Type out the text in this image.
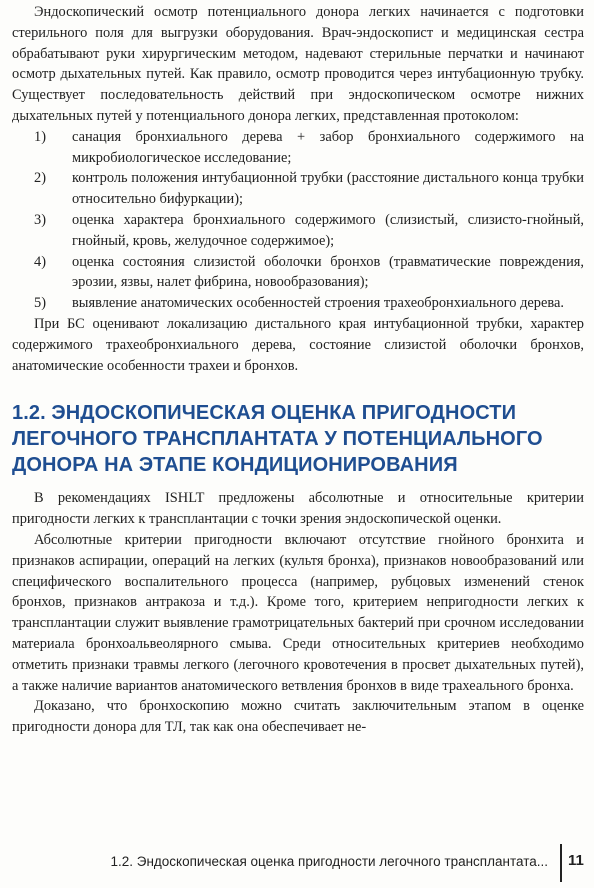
Эндоскопический осмотр потенциального донора легких начинается с подготовки стерильного поля для выгрузки оборудования. Врач-эндоскопист и медицинская сестра обрабатывают руки хирургическим методом, надевают стерильные перчатки и начинают осмотр дыхательных путей. Как правило, осмотр проводится через интубационную трубку. Существует последовательность действий при эндоскопическом осмотре нижних дыхательных путей у потенциального донора легких, представленная протоколом:

1)	санация бронхиального дерева + забор бронхиального содержимого на микробиологическое исследование;
2)	контроль положения интубационной трубки (расстояние дистального конца трубки относительно бифуркации);
3)	оценка характера бронхиального содержимого (слизистый, слизисто-гнойный, гнойный, кровь, желудочное содержимое);
4)	оценка состояния слизистой оболочки бронхов (травматические повреждения, эрозии, язвы, налет фибрина, новообразования);
5)	выявление анатомических особенностей строения трахеобронхиального дерева.

При БС оценивают локализацию дистального края интубационной трубки, характер содержимого трахеобронхиального дерева, состояние слизистой оболочки бронхов, анатомические особенности трахеи и бронхов.

1.2. ЭНДОСКОПИЧЕСКАЯ ОЦЕНКА ПРИГОДНОСТИ
ЛЕГОЧНОГО ТРАНСПЛАНТАТА У ПОТЕНЦИАЛЬНОГО
ДОНОРА НА ЭТАПЕ КОНДИЦИОНИРОВАНИЯ

В рекомендациях ISHLT предложены абсолютные и относительные критерии пригодности легких к трансплантации с точки зрения эндоскопической оценки.

Абсолютные критерии пригодности включают отсутствие гнойного бронхита и признаков аспирации, операций на легких (культя бронха), признаков новообразований или специфического воспалительного процесса (например, рубцовых изменений стенок бронхов, признаков антракоза и т.д.). Кроме того, критерием непригодности легких к трансплантации служит выявление грамотрицательных бактерий при срочном исследовании материала бронхоальвеолярного смыва. Среди относительных критериев необходимо отметить признаки травмы легкого (легочного кровотечения в просвет дыхательных путей), а также наличие вариантов анатомического ветвления бронхов в виде трахеального бронха.

Доказано, что бронхоскопию можно считать заключительным этапом в оценке пригодности донора для ТЛ, так как она обеспечивает не-

1.2. Эндоскопическая оценка пригодности легочного трансплантата... 11
